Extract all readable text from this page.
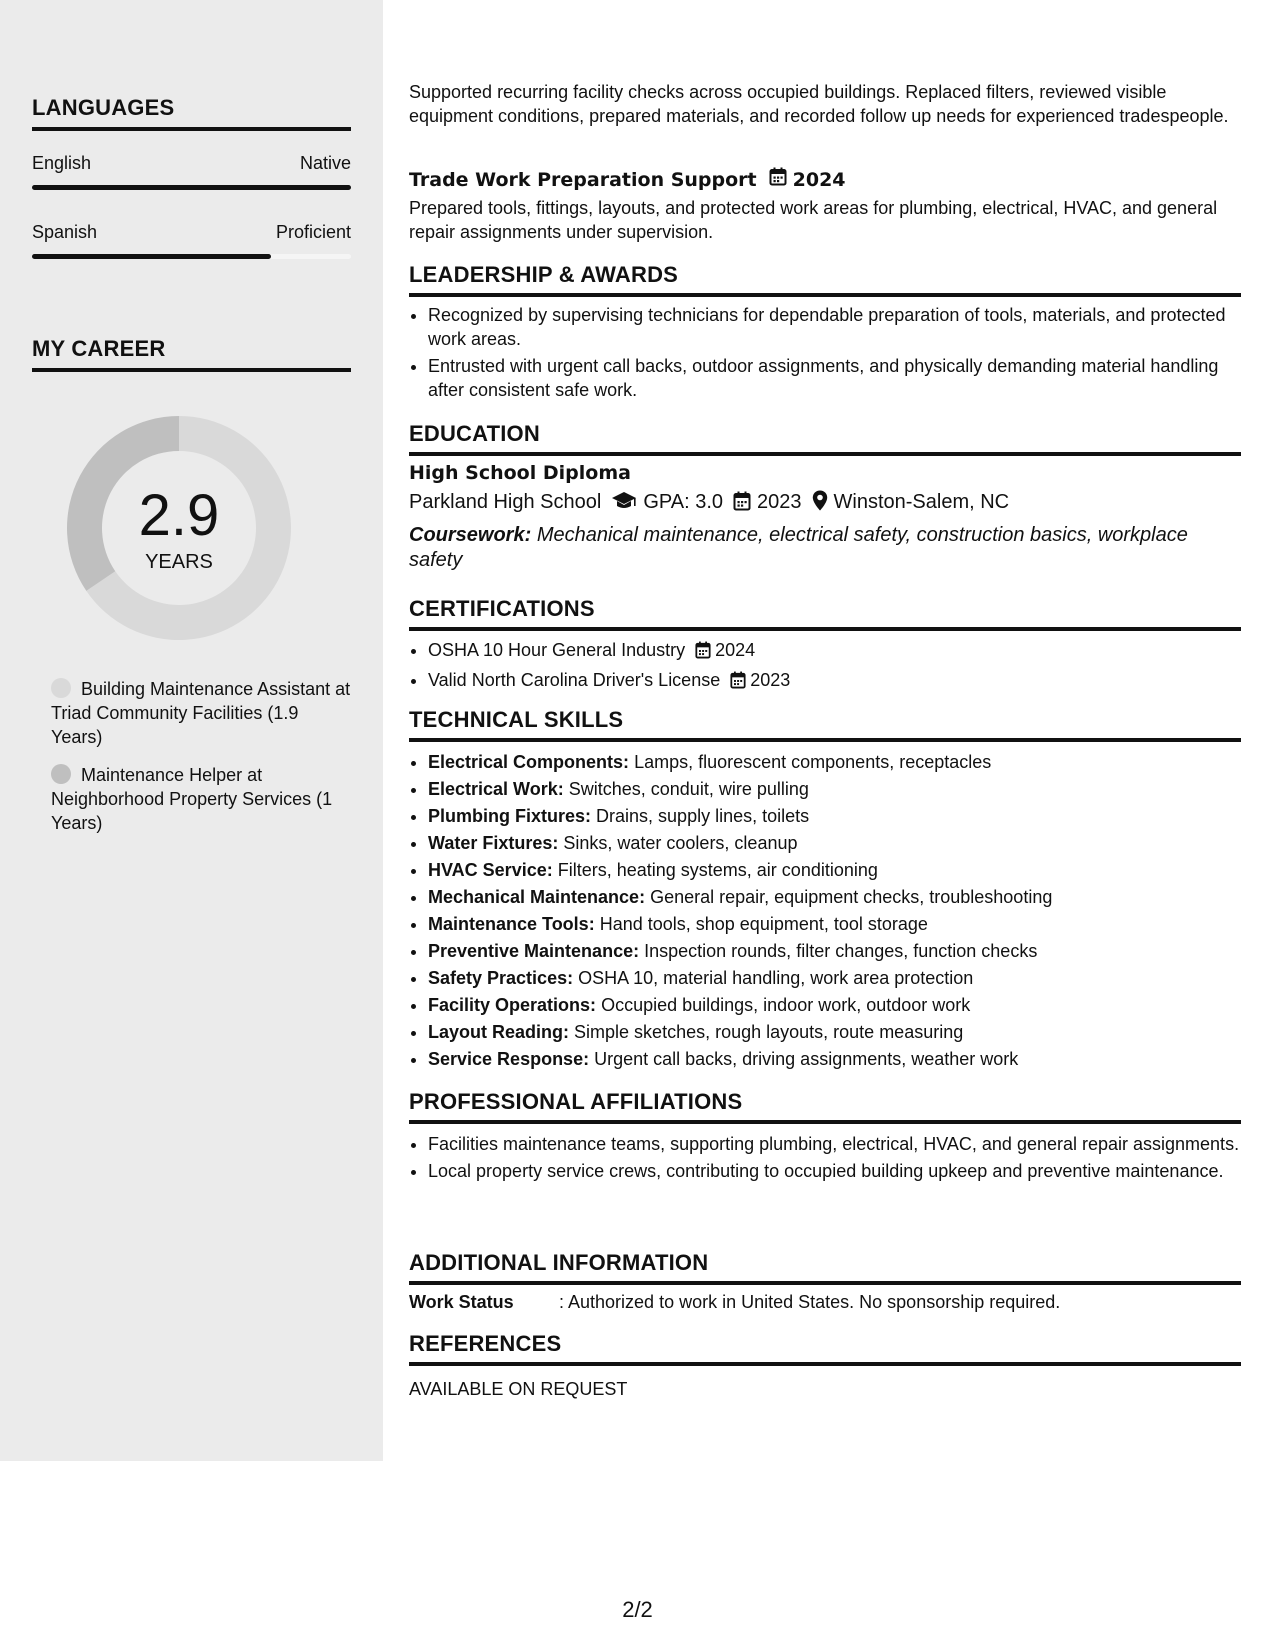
LANGUAGES
English	Native
Spanish	Proficient
MY CAREER
2.9
YEARS
Building Maintenance Assistant at Triad Community Facilities (1.9 Years)
Maintenance Helper at Neighborhood Property Services (1 Years)

Supported recurring facility checks across occupied buildings. Replaced filters, reviewed visible equipment conditions, prepared materials, and recorded follow up needs for experienced tradespeople.

Trade Work Preparation Support 2024

Prepared tools, fittings, layouts, and protected work areas for plumbing, electrical, HVAC, and general repair assignments under supervision.

LEADERSHIP & AWARDS
• Recognized by supervising technicians for dependable preparation of tools, materials, and protected work areas.
• Entrusted with urgent call backs, outdoor assignments, and physically demanding material handling after consistent safe work.
EDUCATION
High School Diploma
Parkland High School GPA: 3.0 2023 Winston-Salem, NC
Coursework: Mechanical maintenance, electrical safety, construction basics, workplace safety
CERTIFICATIONS
• OSHA 10 Hour General Industry 2024
• Valid North Carolina Driver's License 2023
TECHNICAL SKILLS
• Electrical Components: Lamps, fluorescent components, receptacles
• Electrical Work: Switches, conduit, wire pulling
• Plumbing Fixtures: Drains, supply lines, toilets
• Water Fixtures: Sinks, water coolers, cleanup
• HVAC Service: Filters, heating systems, air conditioning
• Mechanical Maintenance: General repair, equipment checks, troubleshooting
• Maintenance Tools: Hand tools, shop equipment, tool storage
• Preventive Maintenance: Inspection rounds, filter changes, function checks
• Safety Practices: OSHA 10, material handling, work area protection
• Facility Operations: Occupied buildings, indoor work, outdoor work
• Layout Reading: Simple sketches, rough layouts, route measuring
• Service Response: Urgent call backs, driving assignments, weather work
PROFESSIONAL AFFILIATIONS
• Facilities maintenance teams, supporting plumbing, electrical, HVAC, and general repair assignments.
• Local property service crews, contributing to occupied building upkeep and preventive maintenance.
ADDITIONAL INFORMATION
Work Status	: Authorized to work in United States. No sponsorship required.
REFERENCES
AVAILABLE ON REQUEST
2/2
